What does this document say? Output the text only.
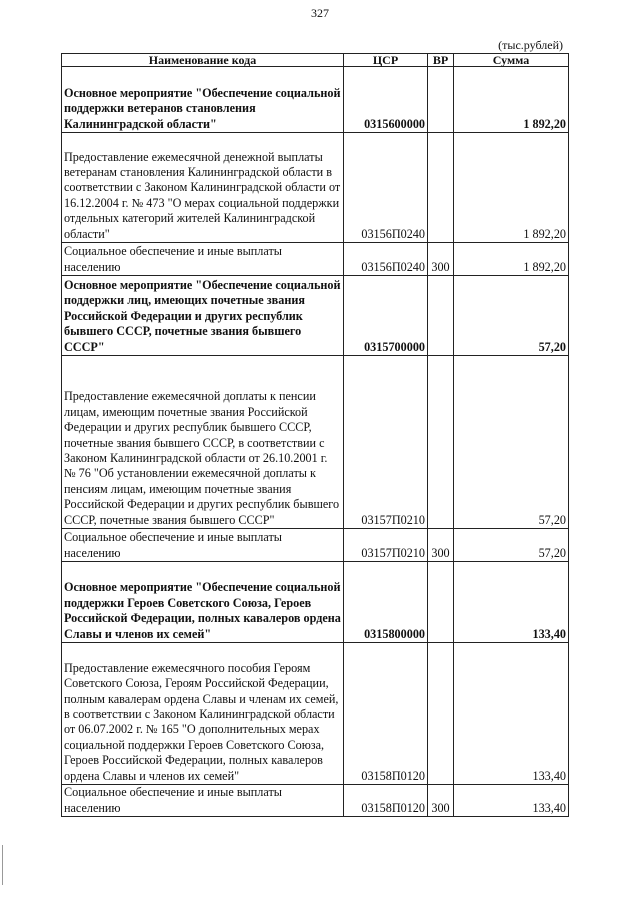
327
(тыс.рублей)
Наименование кода	ЦСР	ВР	Сумма
Основное мероприятие "Обеспечение социальной поддержки ветеранов становления Калининградской области"	0315600000		1 892,20
Предоставление ежемесячной денежной выплаты ветеранам становления Калининградской области в соответствии с Законом Калининградской области от 16.12.2004 г. № 473 "О мерах социальной поддержки отдельных категорий жителей Калининградской области"	03156П0240		1 892,20
Социальное обеспечение и иные выплаты населению	03156П0240	300	1 892,20
Основное мероприятие "Обеспечение социальной поддержки лиц, имеющих почетные звания Российской Федерации и других республик бывшего СССР, почетные звания бывшего СССР"	0315700000		57,20
Предоставление ежемесячной доплаты к пенсии лицам, имеющим почетные звания Российской Федерации и других республик бывшего СССР, почетные звания бывшего СССР, в соответствии с Законом Калининградской области от 26.10.2001 г. № 76 "Об установлении ежемесячной доплаты к пенсиям лицам, имеющим почетные звания Российской Федерации и других республик бывшего СССР, почетные звания бывшего СССР"	03157П0210		57,20
Социальное обеспечение и иные выплаты населению	03157П0210	300	57,20
Основное мероприятие "Обеспечение социальной поддержки Героев Советского Союза, Героев Российской Федерации, полных кавалеров ордена Славы и членов их семей"	0315800000		133,40
Предоставление ежемесячного пособия Героям Советского Союза, Героям Российской Федерации, полным кавалерам ордена Славы и членам их семей, в соответствии с Законом Калининградской области от 06.07.2002 г. № 165 "О дополнительных мерах социальной поддержки Героев Советского Союза, Героев Российской Федерации, полных кавалеров ордена Славы и членов их семей"	03158П0120		133,40
Социальное обеспечение и иные выплаты населению	03158П0120	300	133,40
